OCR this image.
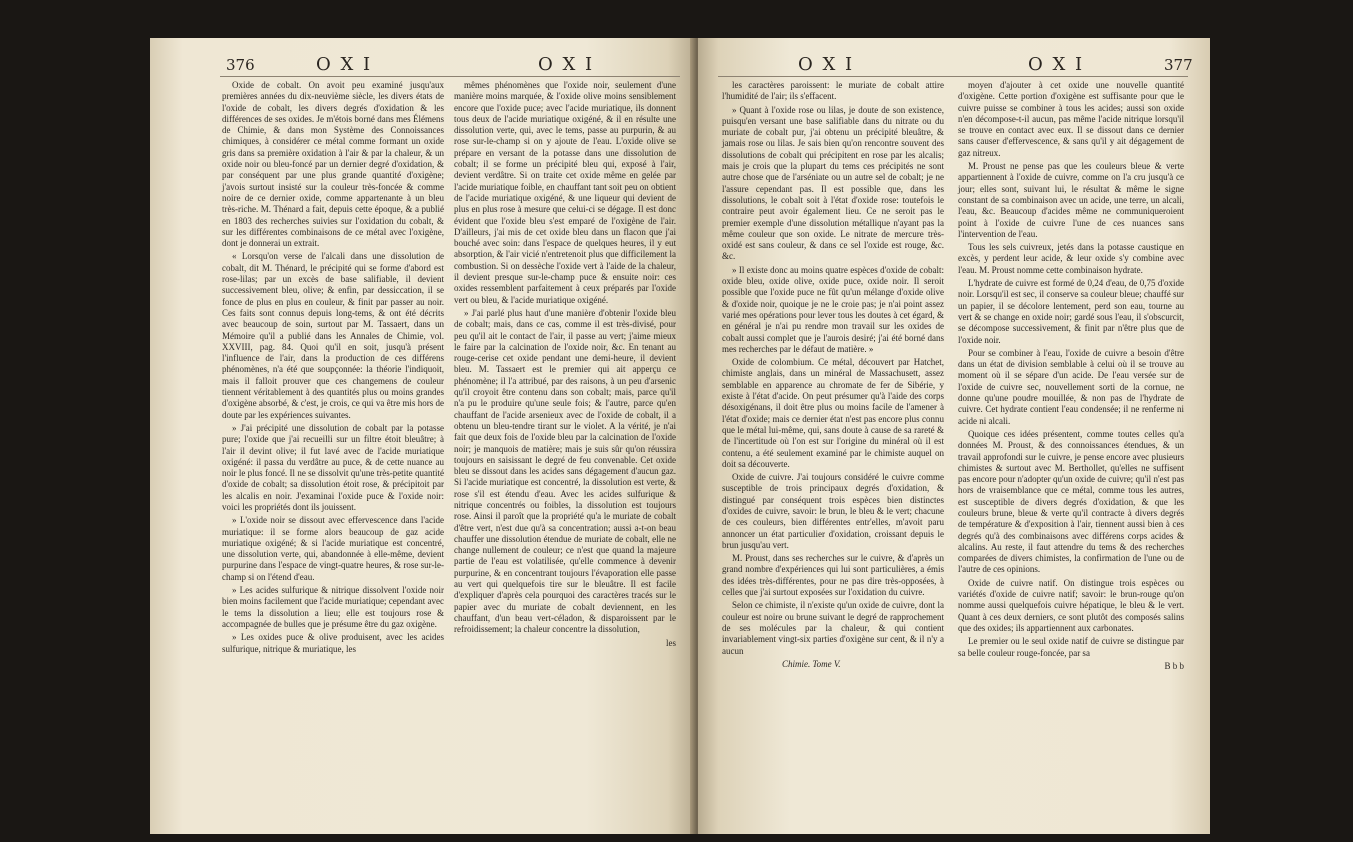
376	O X I	O X I

Oxide de cobalt. On avoit peu examiné jusqu'aux premières années du dix-neuvième siècle, les divers états de l'oxide de cobalt, les divers degrés d'oxidation & les différences de ses oxides. Je m'étois borné dans mes Élémens de Chimie, & dans mon Système des Connoissances chimiques, à considérer ce métal comme formant un oxide gris dans sa première oxidation à l'air & par la chaleur, & un oxide noir ou bleu-foncé par un dernier degré d'oxidation, & par conséquent par une plus grande quantité d'oxigène; j'avois surtout insisté sur la couleur très-foncée & comme noire de ce dernier oxide, comme appartenante à un bleu très-riche. M. Thénard a fait, depuis cette époque, & a publié en 1803 des recherches suivies sur l'oxidation du cobalt, & sur les différentes combinaisons de ce métal avec l'oxigène, dont je donnerai un extrait.

« Lorsqu'on verse de l'alcali dans une dissolution de cobalt, dit M. Thénard, le précipité qui se forme d'abord est rose-lilas; par un excès de base salifiable, il devient successivement bleu, olive; & enfin, par dessiccation, il se fonce de plus en plus en couleur, & finit par passer au noir. Ces faits sont connus depuis long-tems, & ont été décrits avec beaucoup de soin, surtout par M. Tassaert, dans un Mémoire qu'il a publié dans les Annales de Chimie, vol. XXVIII, pag. 84. Quoi qu'il en soit, jusqu'à présent l'influence de l'air, dans la production de ces différens phénomènes, n'a été que soupçonnée: la théorie l'indiquoit, mais il falloit prouver que ces changemens de couleur tiennent véritablement à des quantités plus ou moins grandes d'oxigène absorbé, & c'est, je crois, ce qui va être mis hors de doute par les expériences suivantes.

» J'ai précipité une dissolution de cobalt par la potasse pure; l'oxide que j'ai recueilli sur un filtre étoit bleuâtre; à l'air il devint olive; il fut lavé avec de l'acide muriatique oxigéné: il passa du verdâtre au puce, & de cette nuance au noir le plus foncé. Il ne se dissolvit qu'une très-petite quantité d'oxide de cobalt; sa dissolution étoit rose, & précipitoit par les alcalis en noir. J'examinai l'oxide puce & l'oxide noir: voici les propriétés dont ils jouissent.

» L'oxide noir se dissout avec effervescence dans l'acide muriatique: il se forme alors beaucoup de gaz acide muriatique oxigéné; & si l'acide muriatique est concentré, une dissolution verte, qui, abandonnée à elle-même, devient purpurine dans l'espace de vingt-quatre heures, & rose sur-le-champ si on l'étend d'eau.

» Les acides sulfurique & nitrique dissolvent l'oxide noir bien moins facilement que l'acide muriatique; cependant avec le tems la dissolution a lieu; elle est toujours rose & accompagnée de bulles que je présume être du gaz oxigène.

» Les oxides puce & olive produisent, avec les acides sulfurique, nitrique & muriatique, les

mêmes phénomènes que l'oxide noir, seulement d'une manière moins marquée, & l'oxide olive moins sensiblement encore que l'oxide puce; avec l'acide muriatique, ils donnent tous deux de l'acide muriatique oxigéné, & il en résulte une dissolution verte, qui, avec le tems, passe au purpurin, & au rose sur-le-champ si on y ajoute de l'eau. L'oxide olive se prépare en versant de la potasse dans une dissolution de cobalt; il se forme un précipité bleu qui, exposé à l'air, devient verdâtre. Si on traite cet oxide même en gelée par l'acide muriatique foible, en chauffant tant soit peu on obtient de l'acide muriatique oxigéné, & une liqueur qui devient de plus en plus rose à mesure que celui-ci se dégage. Il est donc évident que l'oxide bleu s'est emparé de l'oxigène de l'air. D'ailleurs, j'ai mis de cet oxide bleu dans un flacon que j'ai bouché avec soin: dans l'espace de quelques heures, il y eut absorption, & l'air vicié n'entretenoit plus que difficilement la combustion. Si on dessèche l'oxide vert à l'aide de la chaleur, il devient presque sur-le-champ puce & ensuite noir: ces oxides ressemblent parfaitement à ceux préparés par l'oxide vert ou bleu, & l'acide muriatique oxigéné.

» J'ai parlé plus haut d'une manière d'obtenir l'oxide bleu de cobalt; mais, dans ce cas, comme il est très-divisé, pour peu qu'il ait le contact de l'air, il passe au vert; j'aime mieux le faire par la calcination de l'oxide noir, &c. En tenant au rouge-cerise cet oxide pendant une demi-heure, il devient bleu. M. Tassaert est le premier qui ait apperçu ce phénomène; il l'a attribué, par des raisons, à un peu d'arsenic qu'il croyoit être contenu dans son cobalt; mais, parce qu'il n'a pu le produire qu'une seule fois; & l'autre, parce qu'en chauffant de l'acide arsenieux avec de l'oxide de cobalt, il a obtenu un bleu-tendre tirant sur le violet. A la vérité, je n'ai fait que deux fois de l'oxide bleu par la calcination de l'oxide noir; je manquois de matière; mais je suis sûr qu'on réussira toujours en saisissant le degré de feu convenable. Cet oxide bleu se dissout dans les acides sans dégagement d'aucun gaz. Si l'acide muriatique est concentré, la dissolution est verte, & rose s'il est étendu d'eau. Avec les acides sulfurique & nitrique concentrés ou foibles, la dissolution est toujours rose. Ainsi il paroît que la propriété qu'a le muriate de cobalt d'être vert, n'est due qu'à sa concentration; aussi a-t-on beau chauffer une dissolution étendue de muriate de cobalt, elle ne change nullement de couleur; ce n'est que quand la majeure partie de l'eau est volatilisée, qu'elle commence à devenir purpurine, & en concentrant toujours l'évaporation elle passe au vert qui quelquefois tire sur le bleuâtre. Il est facile d'expliquer d'après cela pourquoi des caractères tracés sur le papier avec du muriate de cobalt deviennent, en les chauffant, d'un beau vert-céladon, & disparoissent par le refroidissement; la chaleur concentre la dissolution,

les

O X I	O X I	377

les caractères paroissent: le muriate de cobalt attire l'humidité de l'air; ils s'effacent.

» Quant à l'oxide rose ou lilas, je doute de son existence, puisqu'en versant une base salifiable dans du nitrate ou du muriate de cobalt pur, j'ai obtenu un précipité bleuâtre, & jamais rose ou lilas. Je sais bien qu'on rencontre souvent des dissolutions de cobalt qui précipitent en rose par les alcalis; mais je crois que la plupart du tems ces précipités ne sont autre chose que de l'arséniate ou un autre sel de cobalt; je ne l'assure cependant pas. Il est possible que, dans les dissolutions, le cobalt soit à l'état d'oxide rose: toutefois le contraire peut avoir également lieu. Ce ne seroit pas le premier exemple d'une dissolution métallique n'ayant pas la même couleur que son oxide. Le nitrate de mercure très-oxidé est sans couleur, & dans ce sel l'oxide est rouge, &c. &c.

» Il existe donc au moins quatre espèces d'oxide de cobalt: oxide bleu, oxide olive, oxide puce, oxide noir. Il seroit possible que l'oxide puce ne fût qu'un mélange d'oxide olive & d'oxide noir, quoique je ne le croie pas; je n'ai point assez varié mes opérations pour lever tous les doutes à cet égard, & en général je n'ai pu rendre mon travail sur les oxides de cobalt aussi complet que je l'aurois desiré; j'ai été borné dans mes recherches par le défaut de matière. »

Oxide de colombium. Ce métal, découvert par Hatchet, chimiste anglais, dans un minéral de Massachusett, assez semblable en apparence au chromate de fer de Sibérie, y existe à l'état d'acide. On peut présumer qu'à l'aide des corps désoxigénans, il doit être plus ou moins facile de l'amener à l'état d'oxide; mais ce dernier état n'est pas encore plus connu que le métal lui-même, qui, sans doute à cause de sa rareté & de l'incertitude où l'on est sur l'origine du minéral où il est contenu, a été seulement examiné par le chimiste auquel on doit sa découverte.

Oxide de cuivre. J'ai toujours considéré le cuivre comme susceptible de trois principaux degrés d'oxidation, & distingué par conséquent trois espèces bien distinctes d'oxides de cuivre, savoir: le brun, le bleu & le vert; chacune de ces couleurs, bien différentes entr'elles, m'avoit paru annoncer un état particulier d'oxidation, croissant depuis le brun jusqu'au vert.

M. Proust, dans ses recherches sur le cuivre, & d'après un grand nombre d'expériences qui lui sont particulières, a émis des idées très-différentes, pour ne pas dire très-opposées, à celles que j'ai surtout exposées sur l'oxidation du cuivre.

Selon ce chimiste, il n'existe qu'un oxide de cuivre, dont la couleur est noire ou brune suivant le degré de rapprochement de ses molécules par la chaleur, & qui contient invariablement vingt-six parties d'oxigène sur cent, & il n'y a aucun

Chimie. Tome V.

moyen d'ajouter à cet oxide une nouvelle quantité d'oxigène. Cette portion d'oxigène est suffisante pour que le cuivre puisse se combiner à tous les acides; aussi son oxide n'en décompose-t-il aucun, pas même l'acide nitrique lorsqu'il se trouve en contact avec eux. Il se dissout dans ce dernier sans causer d'effervescence, & sans qu'il y ait dégagement de gaz nitreux.

M. Proust ne pense pas que les couleurs bleue & verte appartiennent à l'oxide de cuivre, comme on l'a cru jusqu'à ce jour; elles sont, suivant lui, le résultat & même le signe constant de sa combinaison avec un acide, une terre, un alcali, l'eau, &c. Beaucoup d'acides même ne communiqueroient point à l'oxide de cuivre l'une de ces nuances sans l'intervention de l'eau.

Tous les sels cuivreux, jetés dans la potasse caustique en excès, y perdent leur acide, & leur oxide s'y combine avec l'eau. M. Proust nomme cette combinaison hydrate.

L'hydrate de cuivre est formé de 0,24 d'eau, de 0,75 d'oxide noir. Lorsqu'il est sec, il conserve sa couleur bleue; chauffé sur un papier, il se décolore lentement, perd son eau, tourne au vert & se change en oxide noir; gardé sous l'eau, il s'obscurcit, se décompose successivement, & finit par n'être plus que de l'oxide noir.

Pour se combiner à l'eau, l'oxide de cuivre a besoin d'être dans un état de division semblable à celui où il se trouve au moment où il se sépare d'un acide. De l'eau versée sur de l'oxide de cuivre sec, nouvellement sorti de la cornue, ne donne qu'une poudre mouillée, & non pas de l'hydrate de cuivre. Cet hydrate contient l'eau condensée; il ne renferme ni acide ni alcali.

Quoique ces idées présentent, comme toutes celles qu'a données M. Proust, & des connoissances étendues, & un travail approfondi sur le cuivre, je pense encore avec plusieurs chimistes & surtout avec M. Berthollet, qu'elles ne suffisent pas encore pour n'adopter qu'un oxide de cuivre; qu'il n'est pas hors de vraisemblance que ce métal, comme tous les autres, est susceptible de divers degrés d'oxidation, & que les couleurs brune, bleue & verte qu'il contracte à divers degrés de température & d'exposition à l'air, tiennent aussi bien à ces degrés qu'à des combinaisons avec différens corps acides & alcalins. Au reste, il faut attendre du tems & des recherches comparées de divers chimistes, la confirmation de l'une ou de l'autre de ces opinions.

Oxide de cuivre natif. On distingue trois espèces ou variétés d'oxide de cuivre natif; savoir: le brun-rouge qu'on nomme aussi quelquefois cuivre hépatique, le bleu & le vert. Quant à ces deux derniers, ce sont plutôt des composés salins que des oxides; ils appartiennent aux carbonates.

Le premier ou le seul oxide natif de cuivre se distingue par sa belle couleur rouge-foncée, par sa

B b b
